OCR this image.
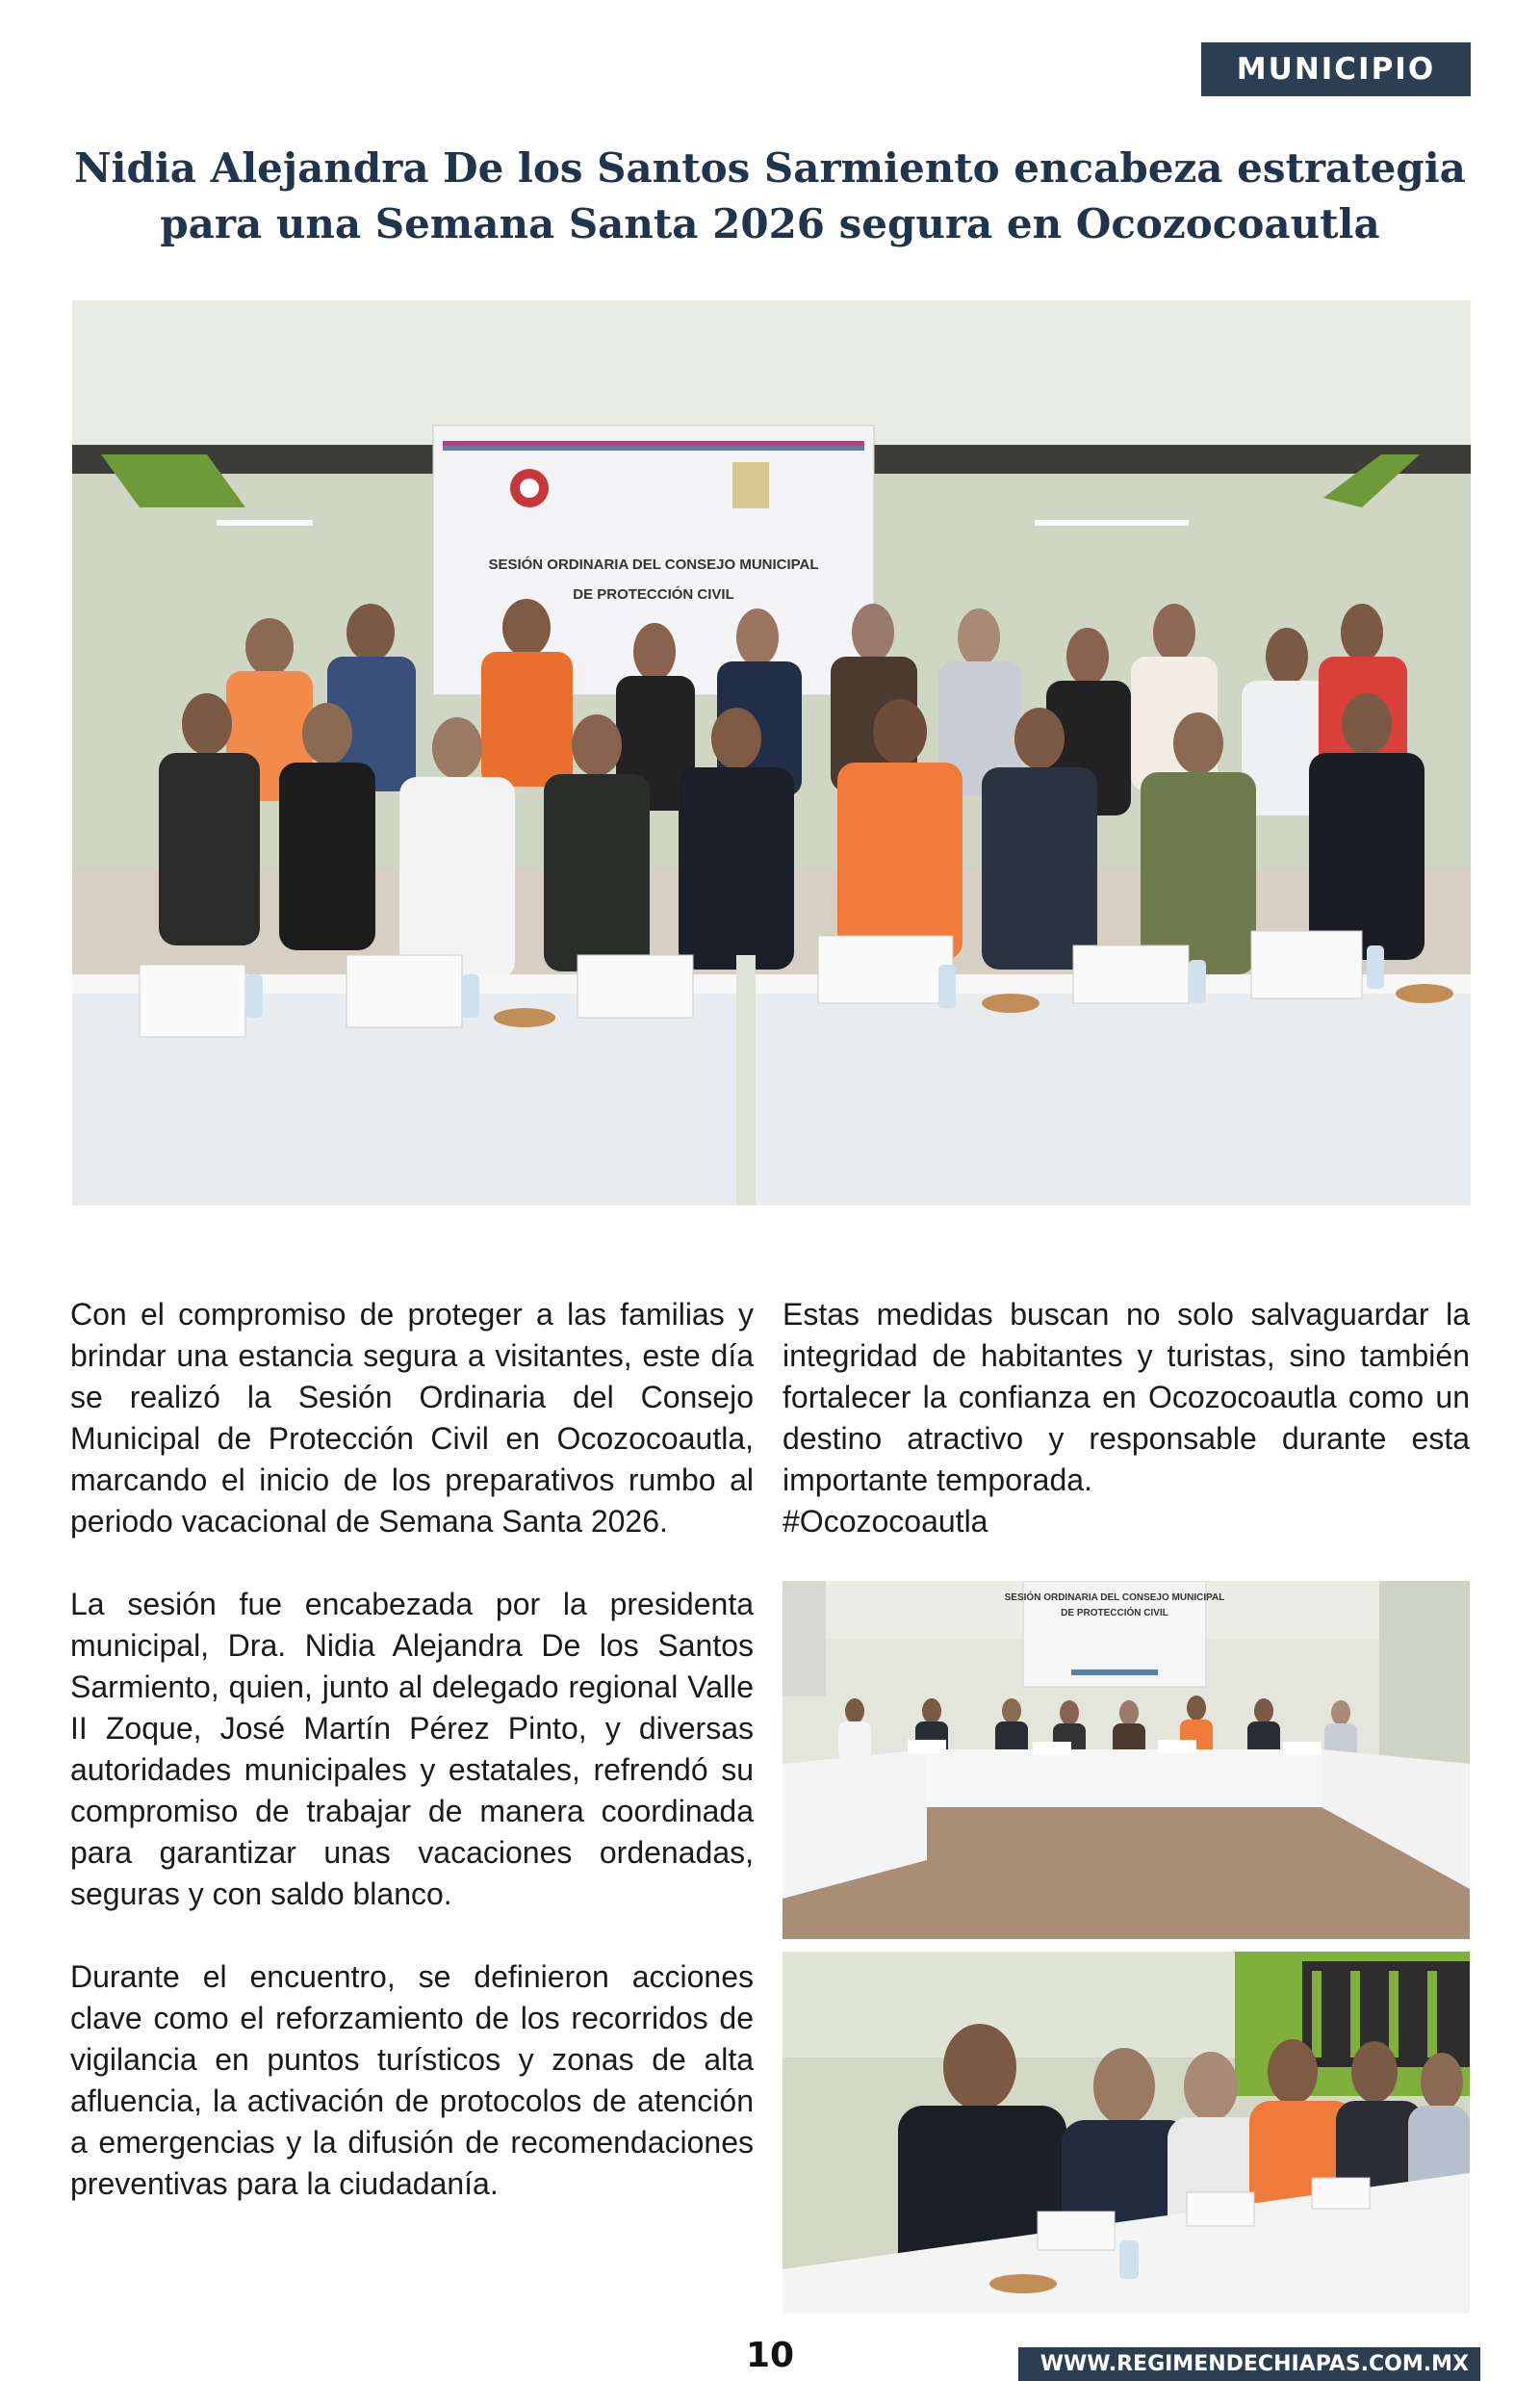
MUNICIPIO
Nidia Alejandra De los Santos Sarmiento encabeza estrategia para una Semana Santa 2026 segura en Ocozocoautla
SESIÓN ORDINARIA DEL CONSEJO MUNICIPAL
DE PROTECCIÓN CIVIL

Con el compromiso de proteger a las familias y brindar una estancia segura a visitantes, este día se realizó la Sesión Ordinaria del Consejo Municipal de Protección Civil en Ocozocoautla, marcando el inicio de los preparativos rumbo al periodo vacacional de Semana Santa 2026.

La sesión fue encabezada por la presidenta municipal, Dra. Nidia Alejandra De los Santos Sarmiento, quien, junto al delegado regional Valle II Zoque, José Martín Pérez Pinto, y diversas autoridades municipales y estatales, refrendó su compromiso de trabajar de manera coordinada para garantizar unas vacaciones ordenadas, seguras y con saldo blanco.

Durante el encuentro, se definieron acciones clave como el reforzamiento de los recorridos de vigilancia en puntos turísticos y zonas de alta afluencia, la activación de protocolos de atención a emergencias y la difusión de recomendaciones preventivas para la ciudadanía.

Estas medidas buscan no solo salvaguardar la integridad de habitantes y turistas, sino también fortalecer la confianza en Ocozocoautla como un destino atractivo y responsable durante esta importante temporada.

#Ocozocoautla

SESIÓN ORDINARIA DEL CONSEJO MUNICIPAL
DE PROTECCIÓN CIVIL
10	WWW.REGIMENDECHIAPAS.COM.MX
